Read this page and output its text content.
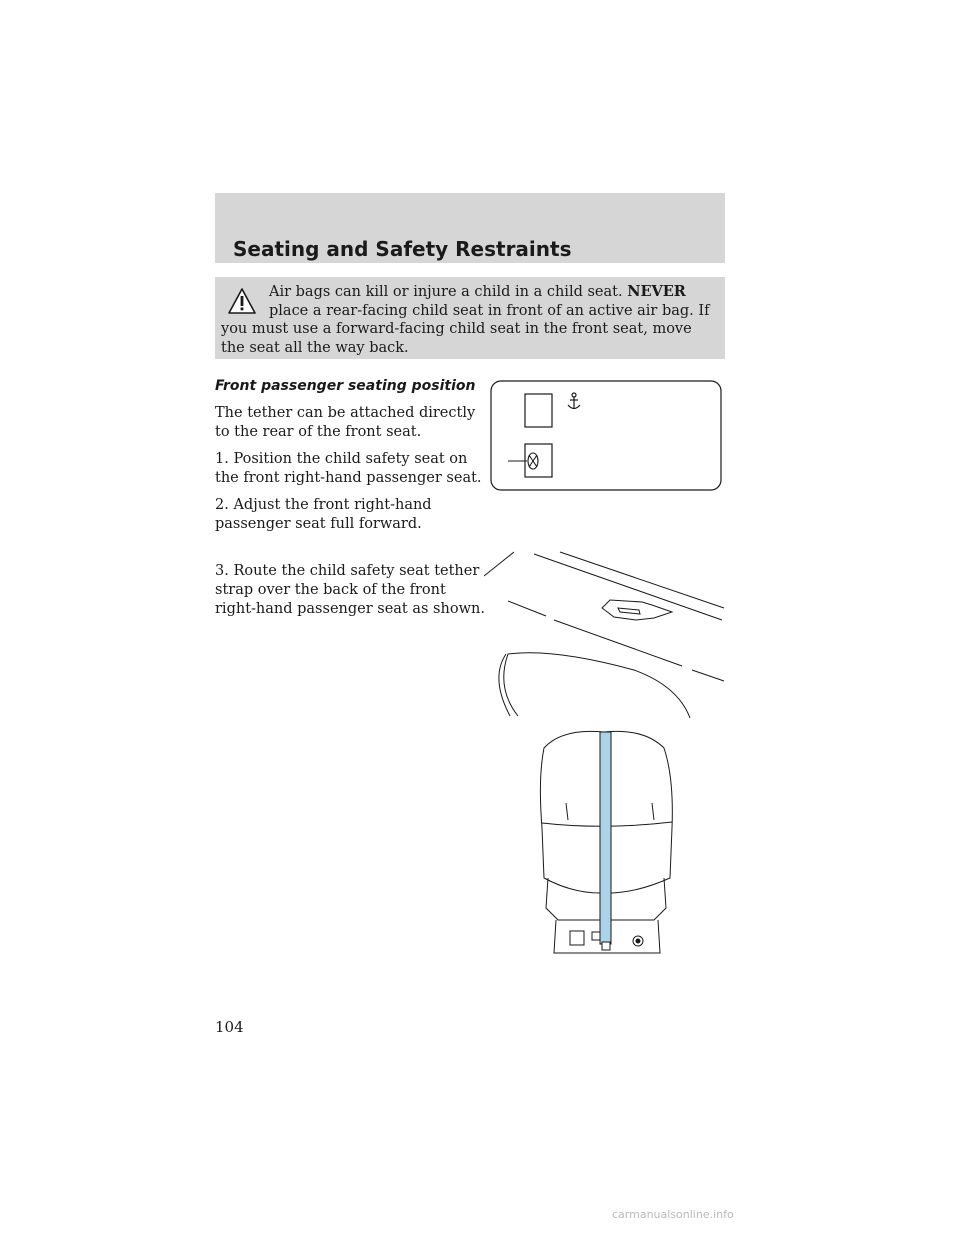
Seating and Safety Restraints
Air bags can kill or injure a child in a child seat. NEVER place a rear-facing child seat in front of an active air bag. If you must use a forward-facing child seat in the front seat, move the seat all the way back.
Front passenger seating position
The tether can be attached directly to the rear of the front seat.
1. Position the child safety seat on the front right-hand passenger seat.
2. Adjust the front right-hand passenger seat full forward.
3. Route the child safety seat tether strap over the back of the front right-hand passenger seat as shown.
104
carmanualsonline.info
